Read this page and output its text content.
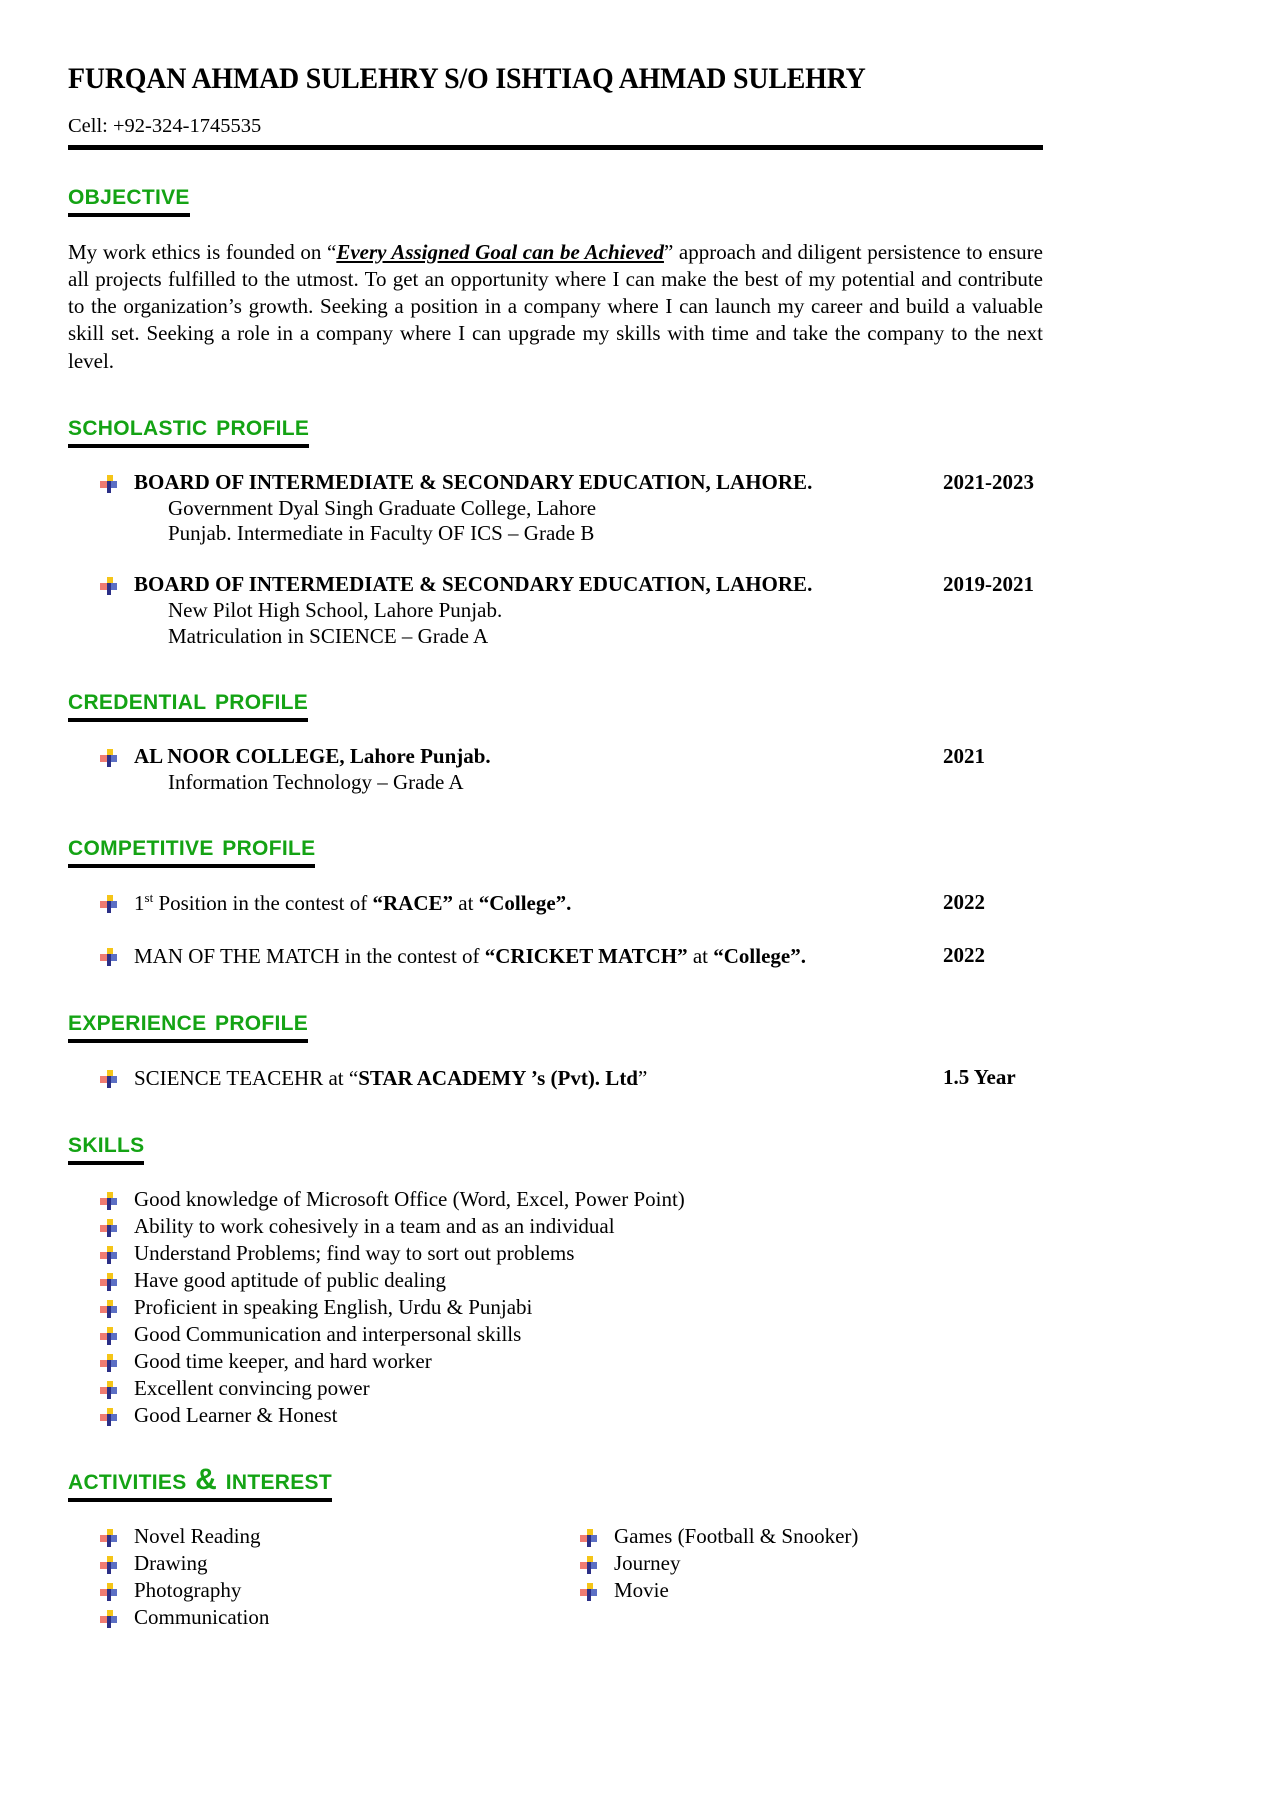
FURQAN AHMAD SULEHRY S/O ISHTIAQ AHMAD SULEHRY
Cell: +92-324-1745535
objective

My work ethics is founded on “Every Assigned Goal can be Achieved” approach and diligent persistence to ensure all projects fulfilled to the utmost. To get an opportunity where I can make the best of my potential and contribute to the organization’s growth. Seeking a position in a company where I can launch my career and build a valuable skill set. Seeking a role in a company where I can upgrade my skills with time and take the company to the next level.

scholastic profile
BOARD OF INTERMEDIATE & SECONDARY EDUCATION, LAHORE.	2021-2023
Government Dyal Singh Graduate College, Lahore
Punjab. Intermediate in Faculty OF ICS – Grade B
BOARD OF INTERMEDIATE & SECONDARY EDUCATION, LAHORE.	2019-2021
New Pilot High School, Lahore Punjab.
Matriculation in SCIENCE – Grade A
credential profile
AL NOOR COLLEGE, Lahore Punjab.	2021
Information Technology – Grade A
competitive profile
1st Position in the contest of “RACE” at “College”.	2022
MAN OF THE MATCH in the contest of “CRICKET MATCH” at “College”.	2022
experience profile
SCIENCE TEACEHR at “STAR ACADEMY ’s (Pvt). Ltd”	1.5 Year
skills
Good knowledge of Microsoft Office (Word, Excel, Power Point)
Ability to work cohesively in a team and as an individual
Understand Problems; find way to sort out problems
Have good aptitude of public dealing
Proficient in speaking English, Urdu & Punjabi
Good Communication and interpersonal skills
Good time keeper, and hard worker
Excellent convincing power
Good Learner & Honest
activities & interest
Novel Reading
Drawing
Photography
Communication
Games (Football & Snooker)
Journey
Movie
